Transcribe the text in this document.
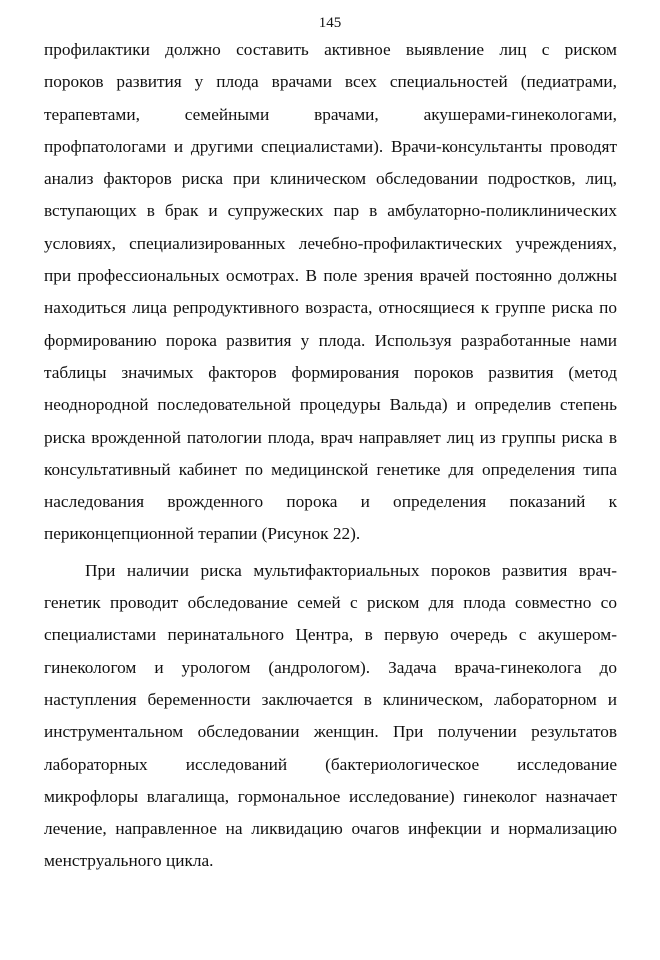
145
профилактики должно составить активное выявление лиц с риском
пороков развития у плода врачами всех специальностей (педиатрами,
терапевтами, семейными врачами, акушерами-гинекологами,
профпатологами и другими специалистами). Врачи-консультанты проводят
анализ факторов риска при клиническом обследовании подростков, лиц,
вступающих в брак и супружеских пар в амбулаторно-поликлинических
условиях, специализированных лечебно-профилактических учреждениях,
при профессиональных осмотрах. В поле зрения врачей постоянно должны
находиться лица репродуктивного возраста, относящиеся к группе риска по
формированию порока развития у плода. Используя разработанные нами
таблицы значимых факторов формирования пороков развития (метод
неоднородной последовательной процедуры Вальда) и определив степень
риска врожденной патологии плода, врач направляет лиц из группы риска в
консультативный кабинет по медицинской генетике для определения типа
наследования врожденного порока и определения показаний к
периконцепционной терапии (Рисунок 22).
При наличии риска мультифакториальных пороков развития врач-
генетик проводит обследование семей с риском для плода совместно со
специалистами перинатального Центра, в первую очередь с акушером-
гинекологом и урологом (андрологом). Задача врача-гинеколога до
наступления беременности заключается в клиническом, лабораторном и
инструментальном обследовании женщин. При получении результатов
лабораторных исследований (бактериологическое исследование
микрофлоры влагалища, гормональное исследование) гинеколог назначает
лечение, направленное на ликвидацию очагов инфекции и нормализацию
менструального цикла.
